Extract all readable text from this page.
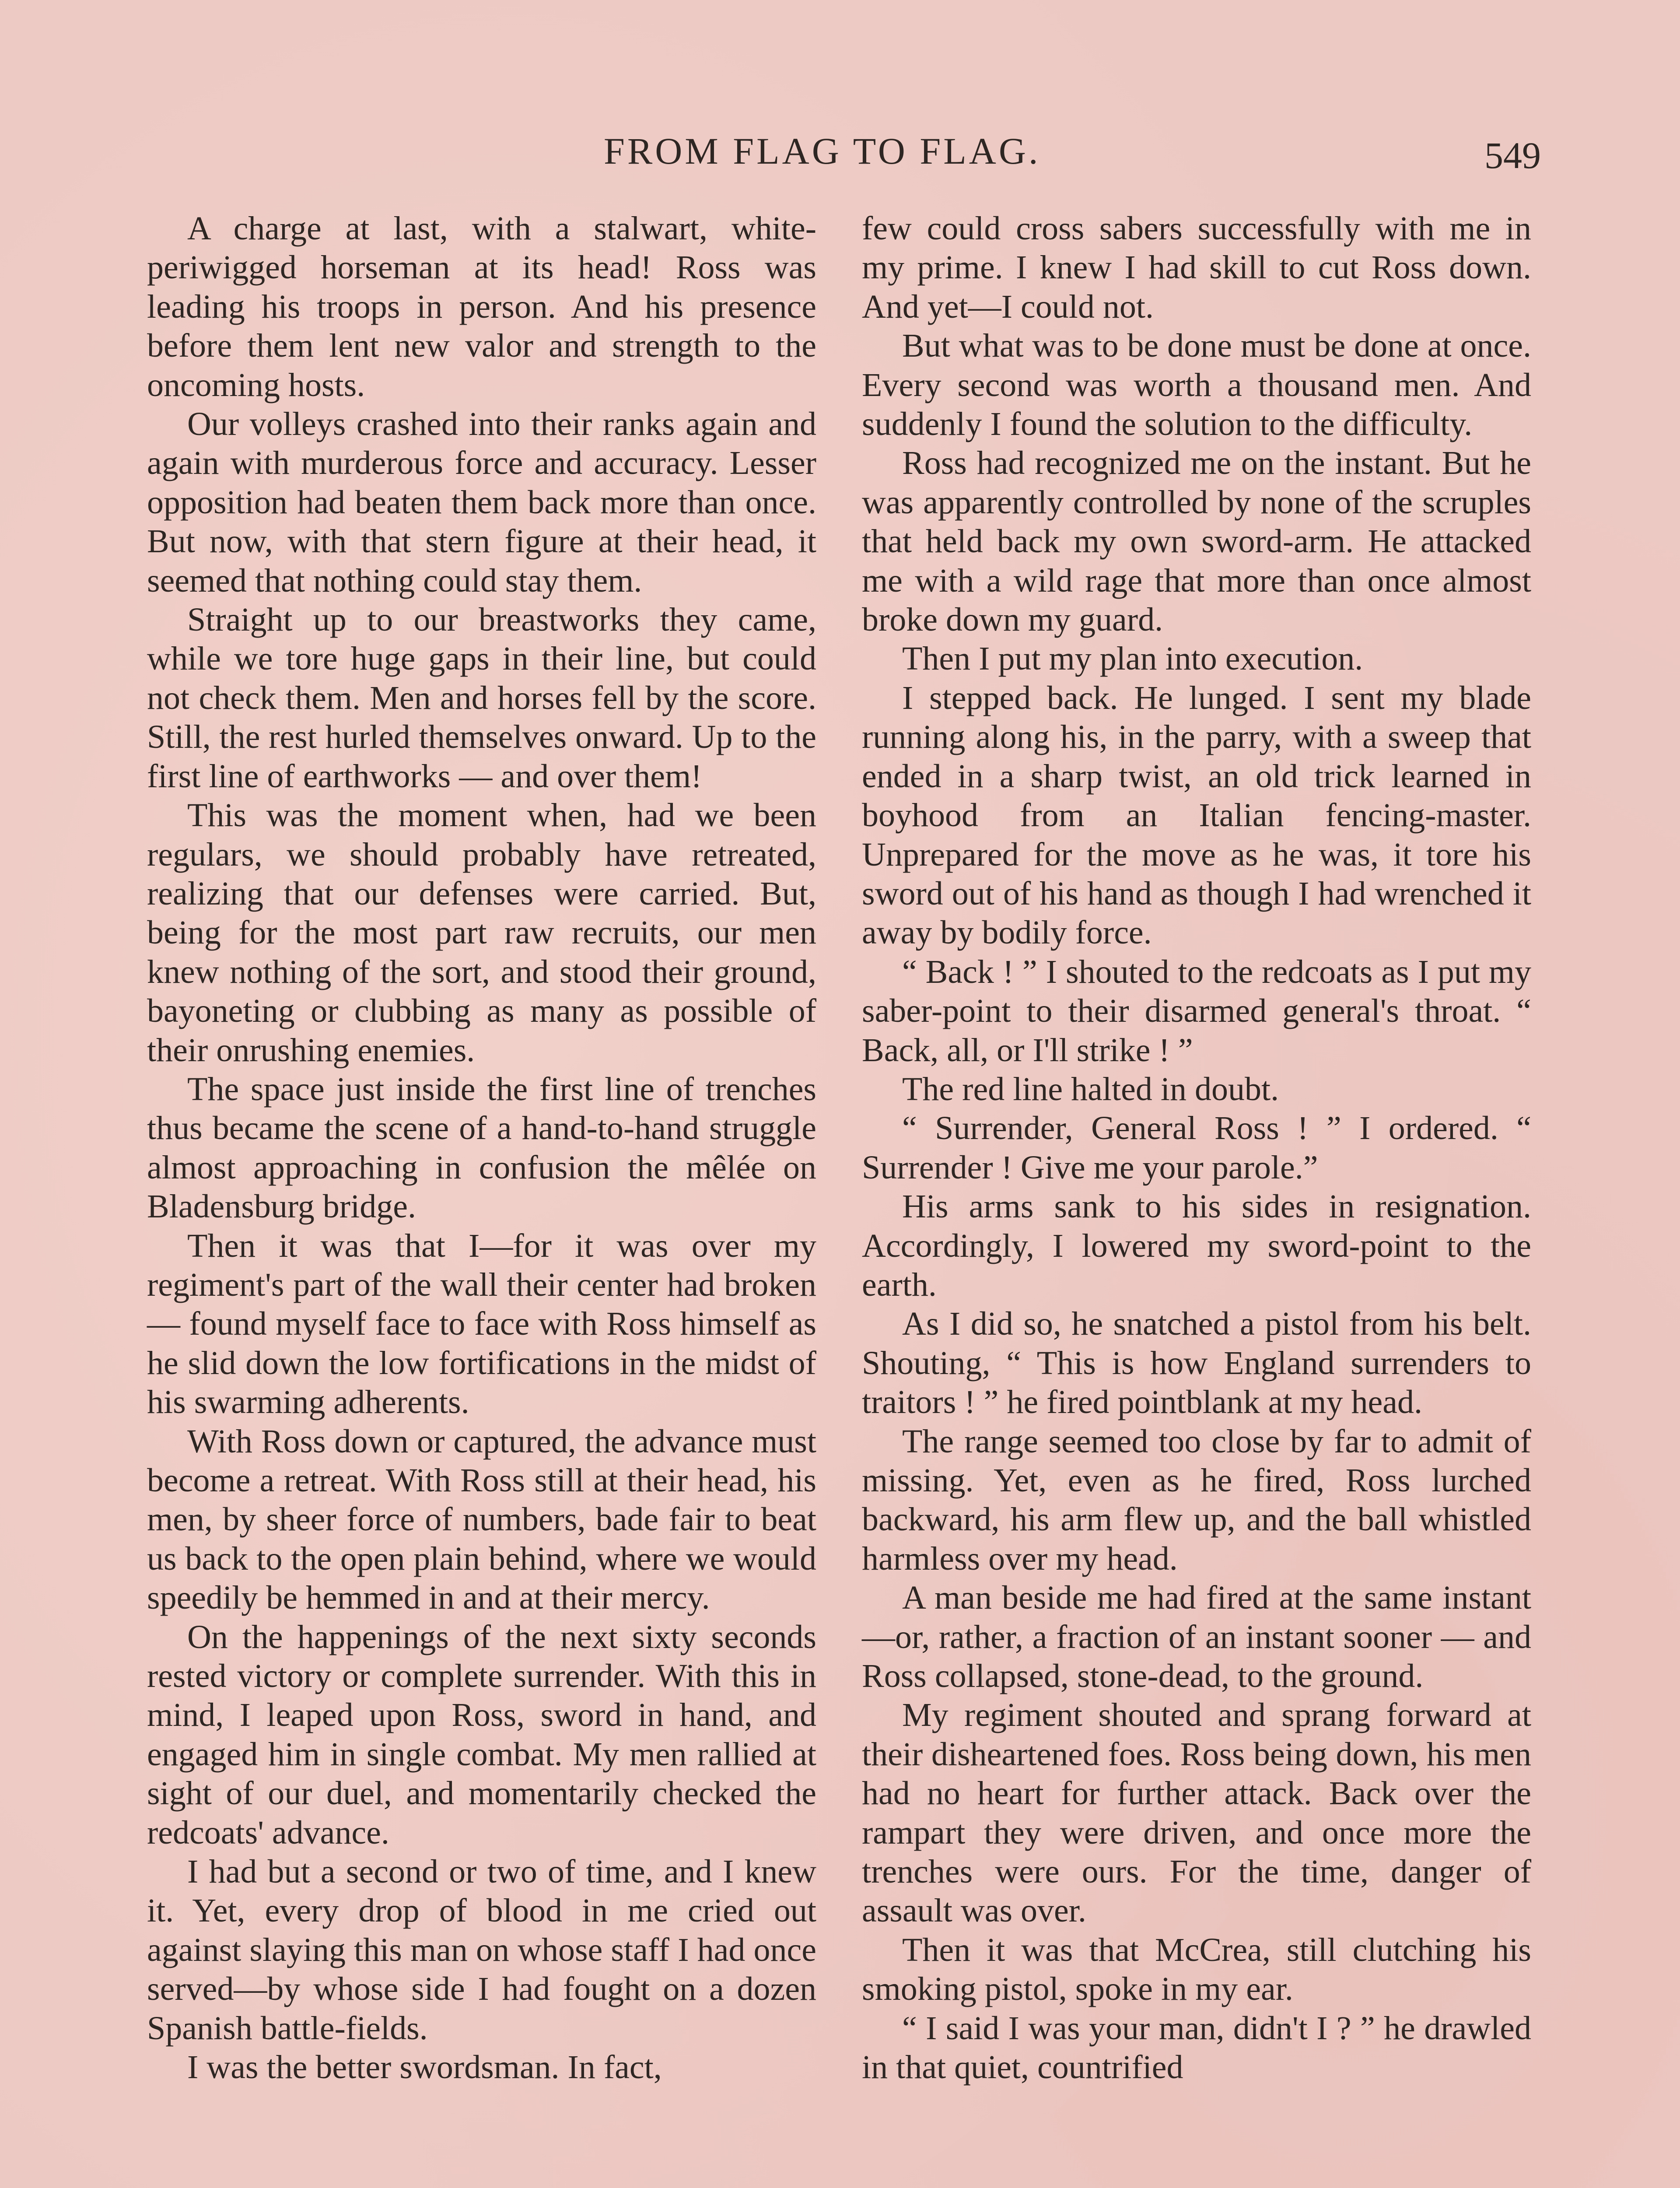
FROM FLAG TO FLAG.	549

A charge at last, with a stalwart, white-periwigged horseman at its head! Ross was leading his troops in person. And his presence before them lent new valor and strength to the oncoming hosts.

Our volleys crashed into their ranks again and again with murderous force and accuracy. Lesser opposition had beaten them back more than once. But now, with that stern figure at their head, it seemed that nothing could stay them.

Straight up to our breastworks they came, while we tore huge gaps in their line, but could not check them. Men and horses fell by the score. Still, the rest hurled themselves onward. Up to the first line of earthworks — and over them!

This was the moment when, had we been regulars, we should probably have retreated, realizing that our defenses were carried. But, being for the most part raw recruits, our men knew nothing of the sort, and stood their ground, bayoneting or clubbing as many as possible of their onrushing enemies.

The space just inside the first line of trenches thus became the scene of a hand-to-hand struggle almost approaching in confusion the mêlée on Bladensburg bridge.

Then it was that I—for it was over my regiment's part of the wall their center had broken — found myself face to face with Ross himself as he slid down the low fortifications in the midst of his swarming adherents.

With Ross down or captured, the advance must become a retreat. With Ross still at their head, his men, by sheer force of numbers, bade fair to beat us back to the open plain behind, where we would speedily be hemmed in and at their mercy.

On the happenings of the next sixty seconds rested victory or complete surrender. With this in mind, I leaped upon Ross, sword in hand, and engaged him in single combat. My men rallied at sight of our duel, and momentarily checked the redcoats' advance.

I had but a second or two of time, and I knew it. Yet, every drop of blood in me cried out against slaying this man on whose staff I had once served—by whose side I had fought on a dozen Spanish battle-fields.

I was the better swordsman. In fact,

few could cross sabers successfully with me in my prime. I knew I had skill to cut Ross down. And yet—I could not.

But what was to be done must be done at once. Every second was worth a thousand men. And suddenly I found the solution to the difficulty.

Ross had recognized me on the instant. But he was apparently controlled by none of the scruples that held back my own sword-arm. He attacked me with a wild rage that more than once almost broke down my guard.

Then I put my plan into execution.

I stepped back. He lunged. I sent my blade running along his, in the parry, with a sweep that ended in a sharp twist, an old trick learned in boyhood from an Italian fencing-master. Unprepared for the move as he was, it tore his sword out of his hand as though I had wrenched it away by bodily force.

“ Back ! ” I shouted to the redcoats as I put my saber-point to their disarmed general's throat. “ Back, all, or I'll strike ! ”

The red line halted in doubt.

“ Surrender, General Ross ! ” I ordered. “ Surrender ! Give me your parole.”

His arms sank to his sides in resignation. Accordingly, I lowered my sword-point to the earth.

As I did so, he snatched a pistol from his belt. Shouting, “ This is how England surrenders to traitors ! ” he fired pointblank at my head.

The range seemed too close by far to admit of missing. Yet, even as he fired, Ross lurched backward, his arm flew up, and the ball whistled harmless over my head.

A man beside me had fired at the same instant—or, rather, a fraction of an instant sooner — and Ross collapsed, stone-dead, to the ground.

My regiment shouted and sprang forward at their disheartened foes. Ross being down, his men had no heart for further attack. Back over the rampart they were driven, and once more the trenches were ours. For the time, danger of assault was over.

Then it was that McCrea, still clutching his smoking pistol, spoke in my ear.

“ I said I was your man, didn't I ? ” he drawled in that quiet, countrified
